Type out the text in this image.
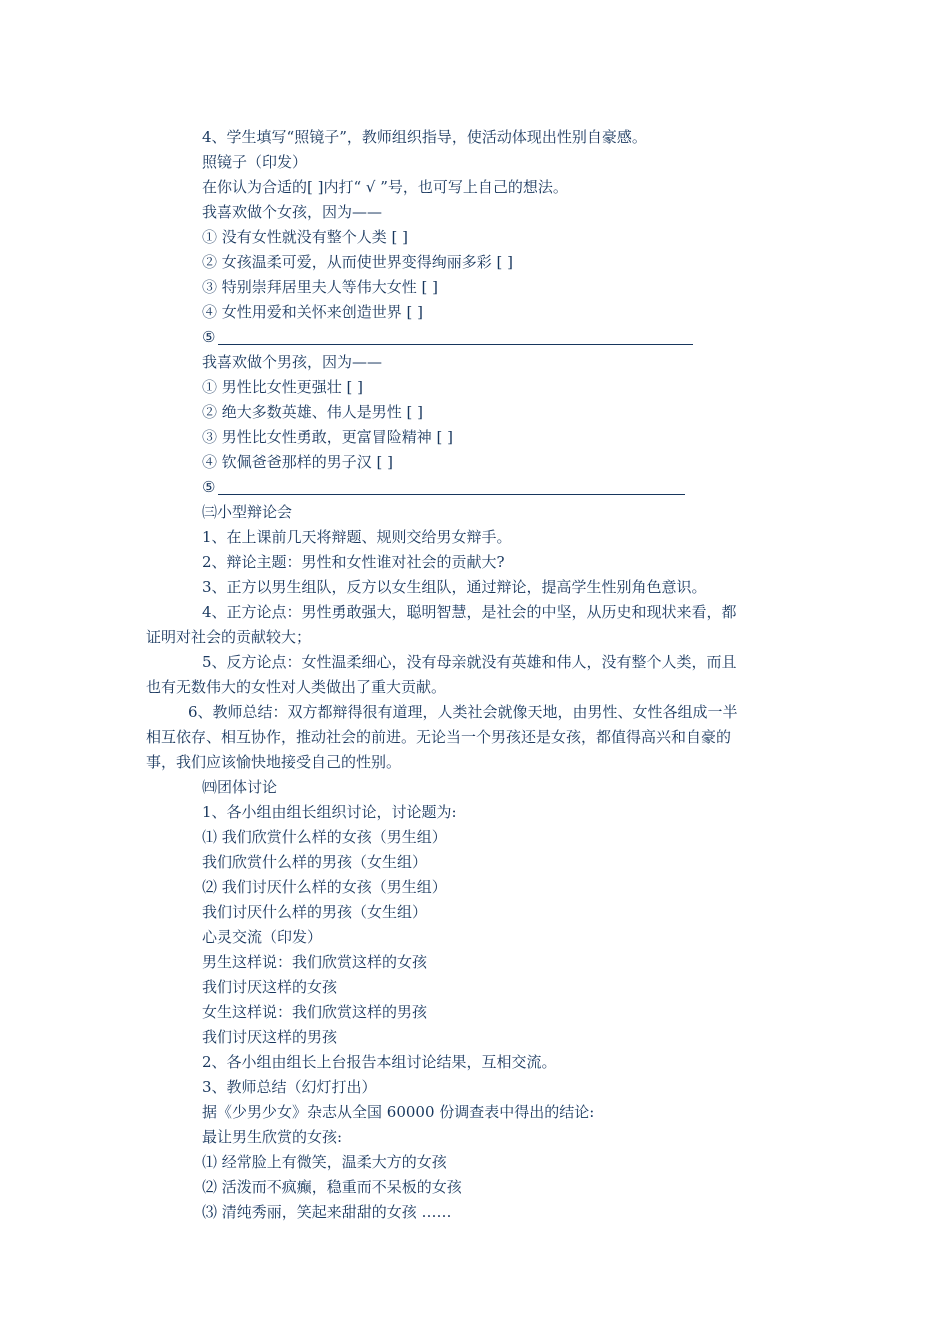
4、学生填写“照镜子”，教师组织指导，使活动体现出性别自豪感。
照镜子（印发）
在你认为合适的[ ]内打“ √ ”号，也可写上自己的想法。
我喜欢做个女孩，因为——
① 没有女性就没有整个人类 [ ]
② 女孩温柔可爱，从而使世界变得绚丽多彩 [ ]
③ 特别崇拜居里夫人等伟大女性 [ ]
④ 女性用爱和关怀来创造世界 [ ]
⑤
我喜欢做个男孩，因为——
① 男性比女性更强壮 [ ]
② 绝大多数英雄、伟人是男性 [ ]
③ 男性比女性勇敢，更富冒险精神 [ ]
④ 钦佩爸爸那样的男子汉 [ ]
⑤
㈢小型辩论会
1、在上课前几天将辩题、规则交给男女辩手。
2、辩论主题：男性和女性谁对社会的贡献大?
3、正方以男生组队，反方以女生组队，通过辩论，提高学生性别角色意识。
4、正方论点：男性勇敢强大，聪明智慧，是社会的中坚，从历史和现状来看，都
证明对社会的贡献较大；
5、反方论点：女性温柔细心，没有母亲就没有英雄和伟人，没有整个人类，而且
也有无数伟大的女性对人类做出了重大贡献。
6、教师总结：双方都辩得很有道理，人类社会就像天地，由男性、女性各组成一半
相互依存、相互协作，推动社会的前进。无论当一个男孩还是女孩，都值得高兴和自豪的
事，我们应该愉快地接受自己的性别。
㈣团体讨论
1、各小组由组长组织讨论，讨论题为:
⑴ 我们欣赏什么样的女孩（男生组）
我们欣赏什么样的男孩（女生组）
⑵ 我们讨厌什么样的女孩（男生组）
我们讨厌什么样的男孩（女生组）
心灵交流（印发）
男生这样说：我们欣赏这样的女孩
我们讨厌这样的女孩
女生这样说：我们欣赏这样的男孩
我们讨厌这样的男孩
2、各小组由组长上台报告本组讨论结果，互相交流。
3、教师总结（幻灯打出）
据《少男少女》杂志从全国 60000 份调查表中得出的结论:
最让男生欣赏的女孩:
⑴ 经常脸上有微笑，温柔大方的女孩
⑵ 活泼而不疯癫，稳重而不呆板的女孩
⑶ 清纯秀丽，笑起来甜甜的女孩 ……
